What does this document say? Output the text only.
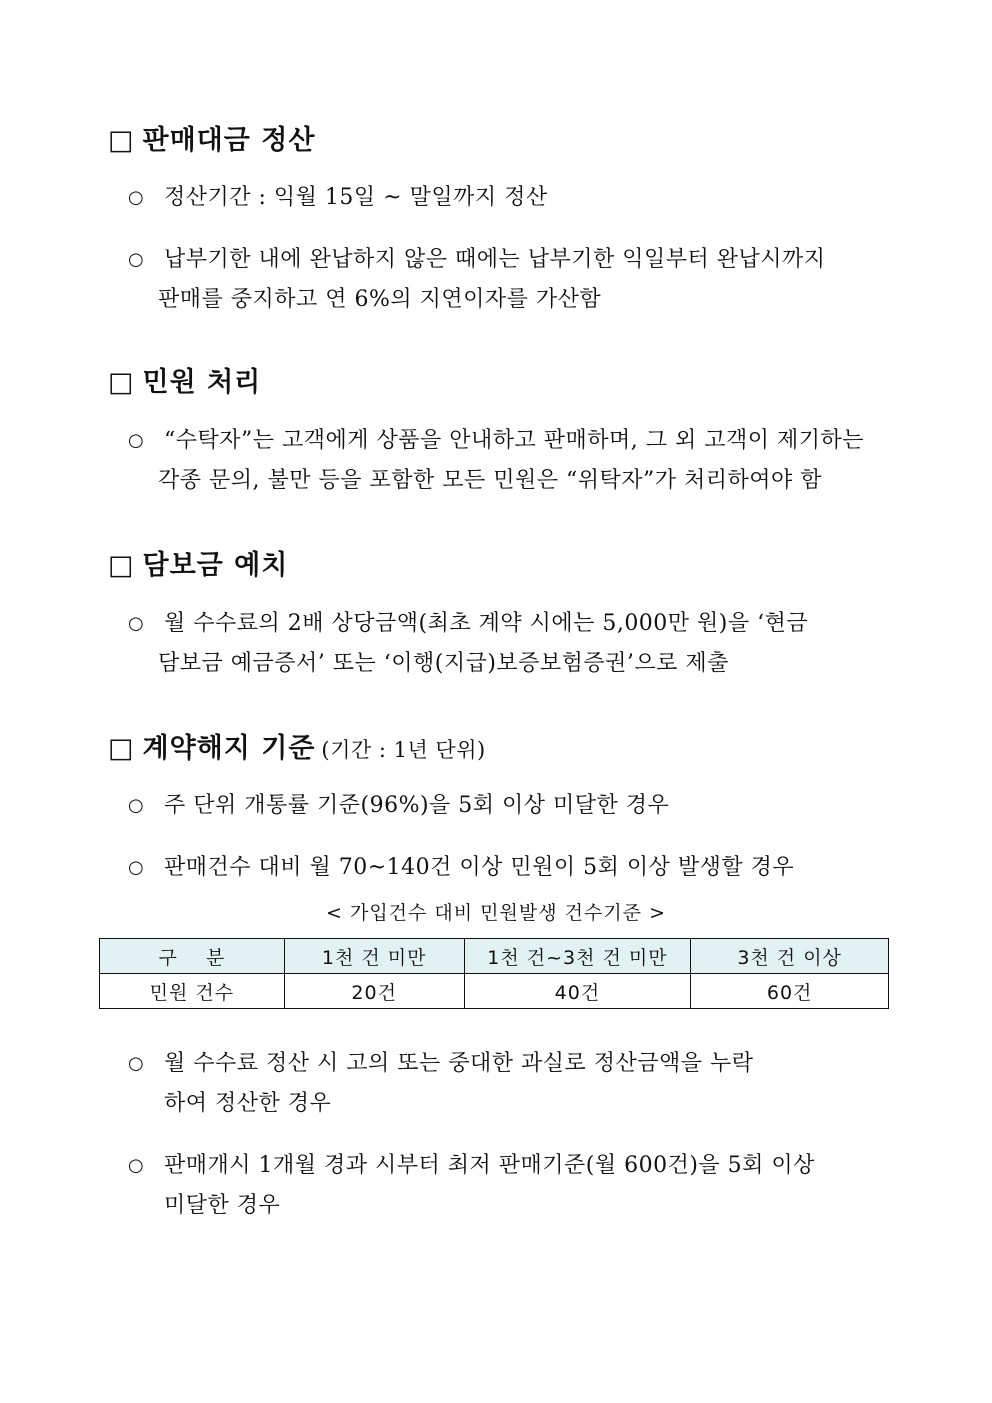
□ 판매대금 정산
○ 정산기간 : 익월 15일 ~ 말일까지 정산
○ 납부기한 내에 완납하지 않은 때에는 납부기한 익일부터 완납시까지
판매를 중지하고 연 6%의 지연이자를 가산함
□ 민원 처리
○ “수탁자”는 고객에게 상품을 안내하고 판매하며, 그 외 고객이 제기하는
각종 문의, 불만 등을 포함한 모든 민원은 “위탁자”가 처리하여야 함
□ 담보금 예치
○ 월 수수료의 2배 상당금액(최초 계약 시에는 5,000만 원)을 ‘현금
담보금 예금증서’ 또는 ‘이행(지급)보증보험증권’으로 제출
□ 계약해지 기준 (기간 : 1년 단위)
○ 주 단위 개통률 기준(96%)을 5회 이상 미달한 경우
○ 판매건수 대비 월 70~140건 이상 민원이 5회 이상 발생할 경우
< 가입건수 대비 민원발생 건수기준 >
구    분	1천 건 미만	1천 건~3천 건 미만	3천 건 이상
민원 건수	20건	40건	60건
○ 월 수수료 정산 시 고의 또는 중대한 과실로 정산금액을 누락
하여 정산한 경우
○ 판매개시 1개월 경과 시부터 최저 판매기준(월 600건)을 5회 이상
미달한 경우
